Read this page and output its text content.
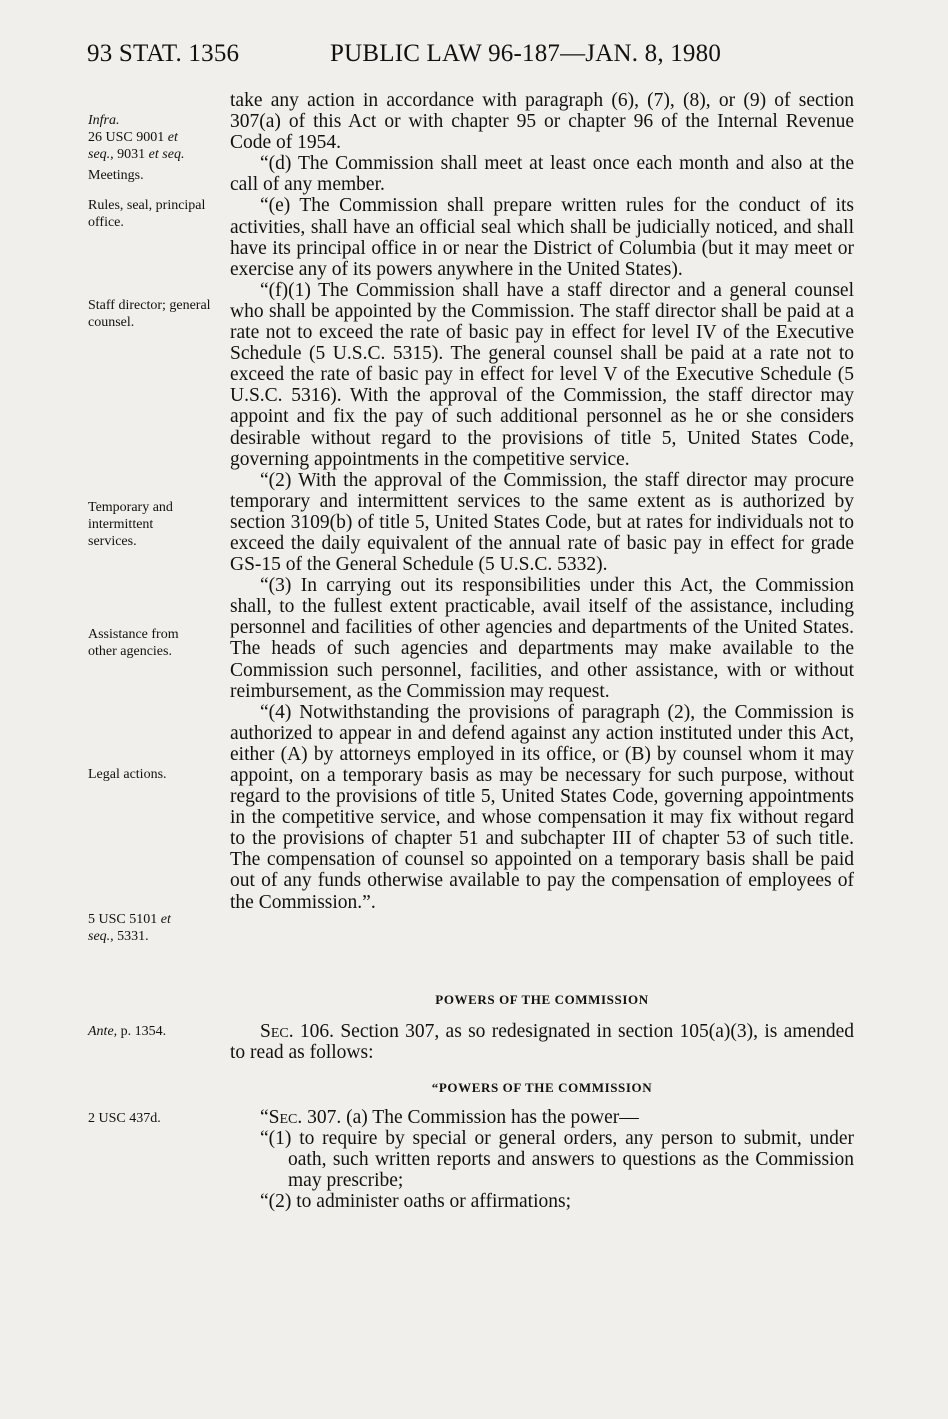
93 STAT. 1356	PUBLIC LAW 96-187—JAN. 8, 1980
Infra.
26 USC 9001 et
seq., 9031 et seq.
Meetings.
Rules, seal, principal office.
Staff director; general counsel.
Temporary and intermittent services.
Assistance from other agencies.
Legal actions.
5 USC 5101 et
seq., 5331.
Ante, p. 1354.
2 USC 437d.

take any action in accordance with paragraph (6), (7), (8), or (9) of section 307(a) of this Act or with chapter 95 or chapter 96 of the Internal Revenue Code of 1954.

“(d) The Commission shall meet at least once each month and also at the call of any member.

“(e) The Commission shall prepare written rules for the conduct of its activities, shall have an official seal which shall be judicially noticed, and shall have its principal office in or near the District of Columbia (but it may meet or exercise any of its powers anywhere in the United States).

“(f)(1) The Commission shall have a staff director and a general counsel who shall be appointed by the Commission. The staff director shall be paid at a rate not to exceed the rate of basic pay in effect for level IV of the Executive Schedule (5 U.S.C. 5315). The general counsel shall be paid at a rate not to exceed the rate of basic pay in effect for level V of the Executive Schedule (5 U.S.C. 5316). With the approval of the Commission, the staff director may appoint and fix the pay of such additional personnel as he or she considers desirable without regard to the provisions of title 5, United States Code, governing appointments in the competitive service.

“(2) With the approval of the Commission, the staff director may procure temporary and intermittent services to the same extent as is authorized by section 3109(b) of title 5, United States Code, but at rates for individuals not to exceed the daily equivalent of the annual rate of basic pay in effect for grade GS-15 of the General Schedule (5 U.S.C. 5332).

“(3) In carrying out its responsibilities under this Act, the Commission shall, to the fullest extent practicable, avail itself of the assistance, including personnel and facilities of other agencies and departments of the United States. The heads of such agencies and departments may make available to the Commission such personnel, facilities, and other assistance, with or without reimbursement, as the Commission may request.

“(4) Notwithstanding the provisions of paragraph (2), the Commission is authorized to appear in and defend against any action instituted under this Act, either (A) by attorneys employed in its office, or (B) by counsel whom it may appoint, on a temporary basis as may be necessary for such purpose, without regard to the provisions of title 5, United States Code, governing appointments in the competitive service, and whose compensation it may fix without regard to the provisions of chapter 51 and subchapter III of chapter 53 of such title. The compensation of counsel so appointed on a temporary basis shall be paid out of any funds otherwise available to pay the compensation of employees of the Commission.”.

POWERS OF THE COMMISSION

Sec. 106. Section 307, as so redesignated in section 105(a)(3), is amended to read as follows:

“POWERS OF THE COMMISSION

“Sec. 307. (a) The Commission has the power—

“(1) to require by special or general orders, any person to submit, under oath, such written reports and answers to questions as the Commission may prescribe;

“(2) to administer oaths or affirmations;
